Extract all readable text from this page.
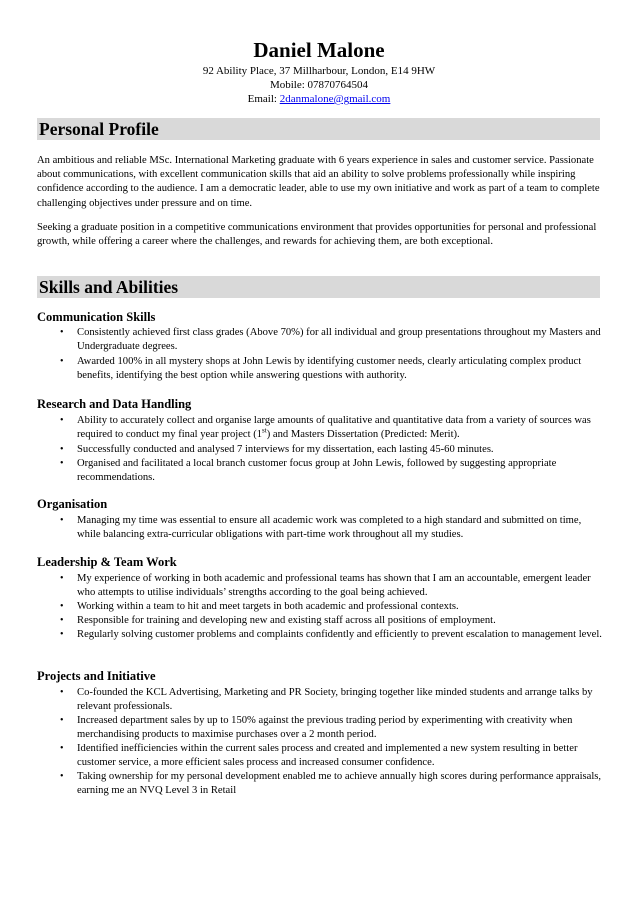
Daniel Malone
92 Ability Place, 37 Millharbour, London, E14 9HW
Mobile: 07870764504
Email: 2danmalone@gmail.com
Personal Profile
An ambitious and reliable MSc. International Marketing graduate with 6 years experience in sales and customer service. Passionate about communications, with excellent communication skills that aid an ability to solve problems professionally while inspiring confidence according to the audience. I am a democratic leader, able to use my own initiative and work as part of a team to complete challenging objectives under pressure and on time.
Seeking a graduate position in a competitive communications environment that provides opportunities for personal and professional growth, while offering a career where the challenges, and rewards for achieving them, are both exceptional.
Skills and Abilities
Communication Skills
•	Consistently achieved first class grades (Above 70%) for all individual and group presentations throughout my Masters and Undergraduate degrees.
•	Awarded 100% in all mystery shops at John Lewis by identifying customer needs, clearly articulating complex product benefits, identifying the best option while answering questions with authority.
Research and Data Handling
•	Ability to accurately collect and organise large amounts of qualitative and quantitative data from a variety of sources was required to conduct my final year project (1st) and Masters Dissertation (Predicted: Merit).
•	Successfully conducted and analysed 7 interviews for my dissertation, each lasting 45-60 minutes.
•	Organised and facilitated a local branch customer focus group at John Lewis, followed by suggesting appropriate recommendations.
Organisation
•	Managing my time was essential to ensure all academic work was completed to a high standard and submitted on time, while balancing extra-curricular obligations with part-time work throughout all my studies.
Leadership & Team Work
•	My experience of working in both academic and professional teams has shown that I am an accountable, emergent leader who attempts to utilise individuals’ strengths according to the goal being achieved.
•	Working within a team to hit and meet targets in both academic and professional contexts.
•	Responsible for training and developing new and existing staff across all positions of employment.
•	Regularly solving customer problems and complaints confidently and efficiently to prevent escalation to management level.
Projects and Initiative
•	Co-founded the KCL Advertising, Marketing and PR Society, bringing together like minded students and arrange talks by relevant professionals.
•	Increased department sales by up to 150% against the previous trading period by experimenting with creativity when merchandising products to maximise purchases over a 2 month period.
•	Identified inefficiencies within the current sales process and created and implemented a new system resulting in better customer service, a more efficient sales process and increased consumer confidence.
•	Taking ownership for my personal development enabled me to achieve annually high scores during performance appraisals, earning me an NVQ Level 3 in Retail
